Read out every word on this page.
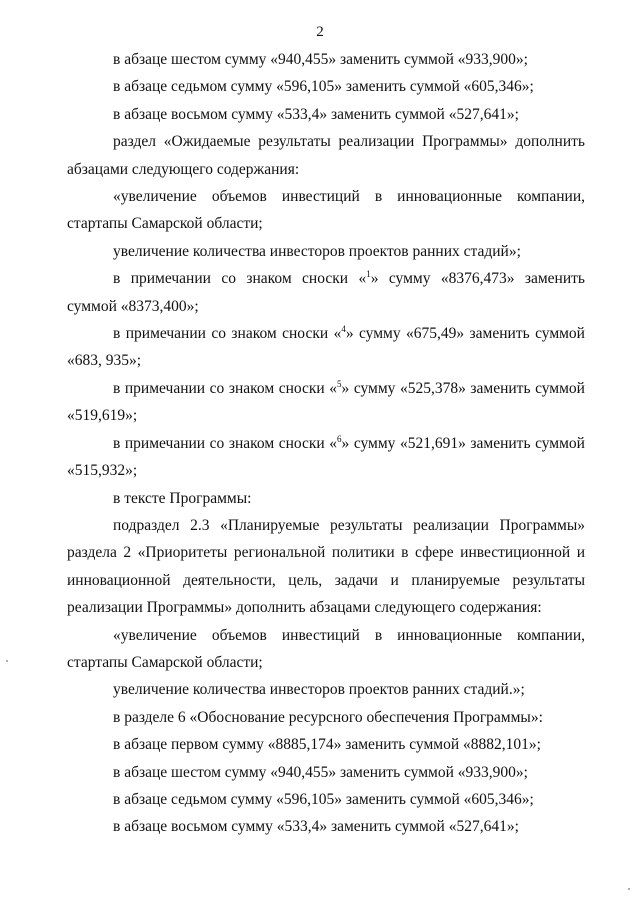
2

в абзаце шестом сумму «940,455» заменить суммой «933,900»;

в абзаце седьмом сумму «596,105» заменить суммой «605,346»;

в абзаце восьмом сумму «533,4» заменить суммой «527,641»;

раздел «Ожидаемые результаты реализации Программы» дополнить абзацами следующего содержания:

«увеличение объемов инвестиций в инновационные компании, стартапы Самарской области;

увеличение количества инвесторов проектов ранних стадий»;

в примечании со знаком сноски «$^1$» сумму «8376,473» заменить суммой «8373,400»;

в примечании со знаком сноски «$^4$» сумму «675,49» заменить суммой «683, 935»;

в примечании со знаком сноски «$^5$» сумму «525,378» заменить суммой «519,619»;

в примечании со знаком сноски «$^6$» сумму «521,691» заменить суммой «515,932»;

в тексте Программы:

подраздел 2.3 «Планируемые результаты реализации Программы» раздела 2 «Приоритеты региональной политики в сфере инвестиционной и инновационной деятельности, цель, задачи и планируемые результаты реализации Программы» дополнить абзацами следующего содержания:

«увеличение объемов инвестиций в инновационные компании, стартапы Самарской области;

увеличение количества инвесторов проектов ранних стадий.»;

в разделе 6 «Обоснование ресурсного обеспечения Программы»:

в абзаце первом сумму «8885,174» заменить суммой «8882,101»;

в абзаце шестом сумму «940,455» заменить суммой «933,900»;

в абзаце седьмом сумму «596,105» заменить суммой «605,346»;

в абзаце восьмом сумму «533,4» заменить суммой «527,641»;
